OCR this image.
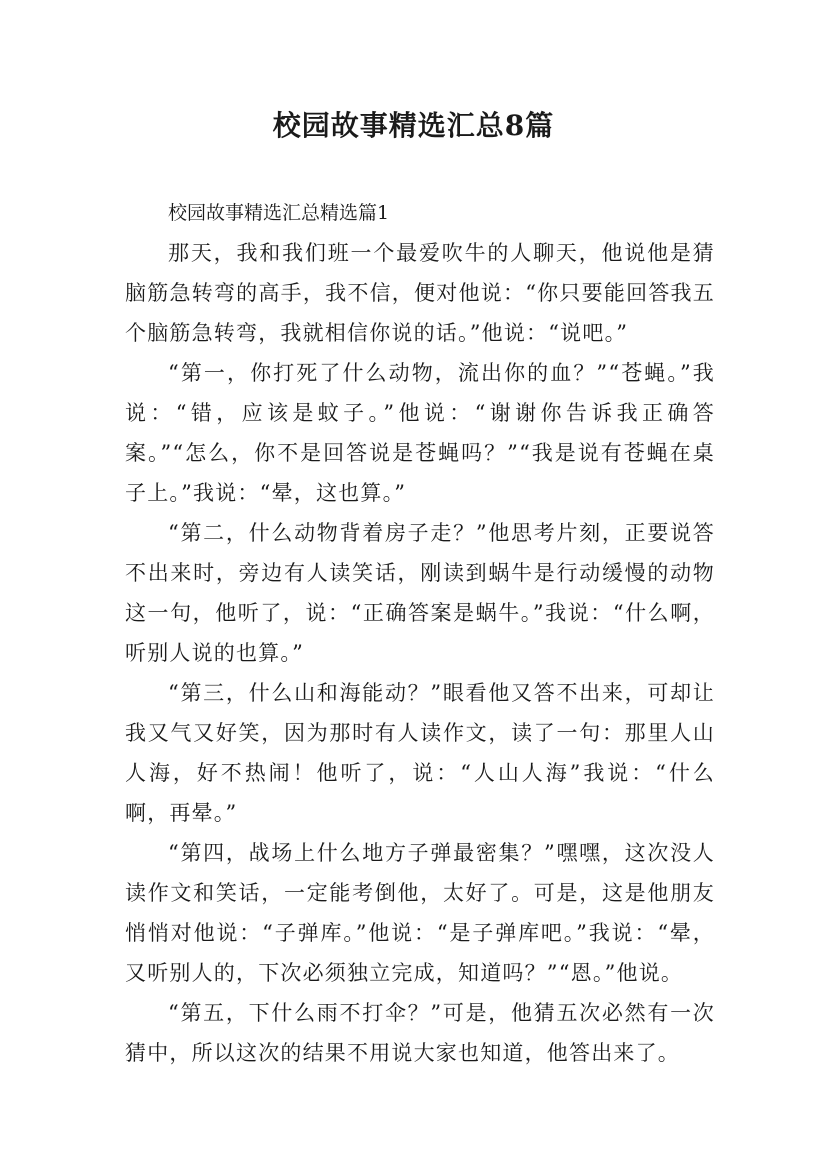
校园故事精选汇总8篇

校园故事精选汇总精选篇1

那天，我和我们班一个最爱吹牛的人聊天，他说他是猜脑筋急转弯的高手，我不信，便对他说：“你只要能回答我五个脑筋急转弯，我就相信你说的话。”他说：“说吧。”

“第一，你打死了什么动物，流出你的血？”“苍蝇。”我说：“错，应该是蚊子。”他说：“谢谢你告诉我正确答案。”“怎么，你不是回答说是苍蝇吗？”“我是说有苍蝇在桌子上。”我说：“晕，这也算。”

“第二，什么动物背着房子走？”他思考片刻，正要说答不出来时，旁边有人读笑话，刚读到蜗牛是行动缓慢的动物这一句，他听了，说：“正确答案是蜗牛。”我说：“什么啊，听别人说的也算。”

“第三，什么山和海能动？”眼看他又答不出来，可却让我又气又好笑，因为那时有人读作文，读了一句：那里人山人海，好不热闹！他听了，说：“人山人海”我说：“什么啊，再晕。”

“第四，战场上什么地方子弹最密集？”嘿嘿，这次没人读作文和笑话，一定能考倒他，太好了。可是，这是他朋友悄悄对他说：“子弹库。”他说：“是子弹库吧。”我说：“晕，又听别人的，下次必须独立完成，知道吗？”“恩。”他说。

“第五，下什么雨不打伞？”可是，他猜五次必然有一次猜中，所以这次的结果不用说大家也知道，他答出来了。
